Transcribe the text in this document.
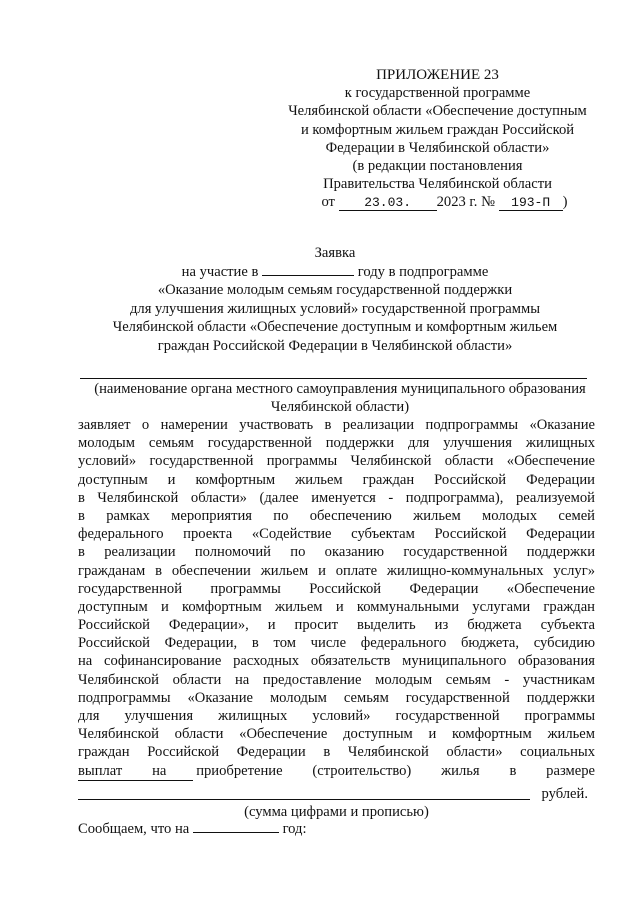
ПРИЛОЖЕНИЕ 23
к государственной программе
Челябинской области «Обеспечение доступным
и комфортным жильем граждан Российской
Федерации в Челябинской области»
(в редакции постановления
Правительства Челябинской области
от 23.03. 2023 г. № 193-П )
Заявка
на участие в	году в подпрограмме
«Оказание молодым семьям государственной поддержки
для улучшения жилищных условий» государственной программы
Челябинской области «Обеспечение доступным и комфортным жильем
граждан Российской Федерации в Челябинской области»
(наименование органа местного самоуправления муниципального образования
Челябинской области)
заявляет о намерении участвовать в реализации подпрограммы «Оказание
молодым семьям государственной поддержки для улучшения жилищных
условий» государственной программы Челябинской области «Обеспечение
доступным и комфортным жильем граждан Российской Федерации
в Челябинской области» (далее именуется - подпрограмма), реализуемой
в рамках мероприятия по обеспечению жильем молодых семей
федерального проекта «Содействие субъектам Российской Федерации
в реализации полномочий по оказанию государственной поддержки
гражданам в обеспечении жильем и оплате жилищно-коммунальных услуг»
государственной программы Российской Федерации «Обеспечение
доступным и комфортным жильем и коммунальными услугами граждан
Российской Федерации», и просит выделить из бюджета субъекта
Российской Федерации, в том числе федерального бюджета, субсидию
на софинансирование расходных обязательств муниципального образования
Челябинской области на предоставление молодым семьям - участникам
подпрограммы «Оказание молодым семьям государственной поддержки
для улучшения жилищных условий» государственной программы
Челябинской области «Обеспечение доступным и комфортным жильем
граждан Российской Федерации в Челябинской области» социальных
выплат на приобретение (строительство) жилья в размере
рублей.
(сумма цифрами и прописью)
Сообщаем, что на	год:
